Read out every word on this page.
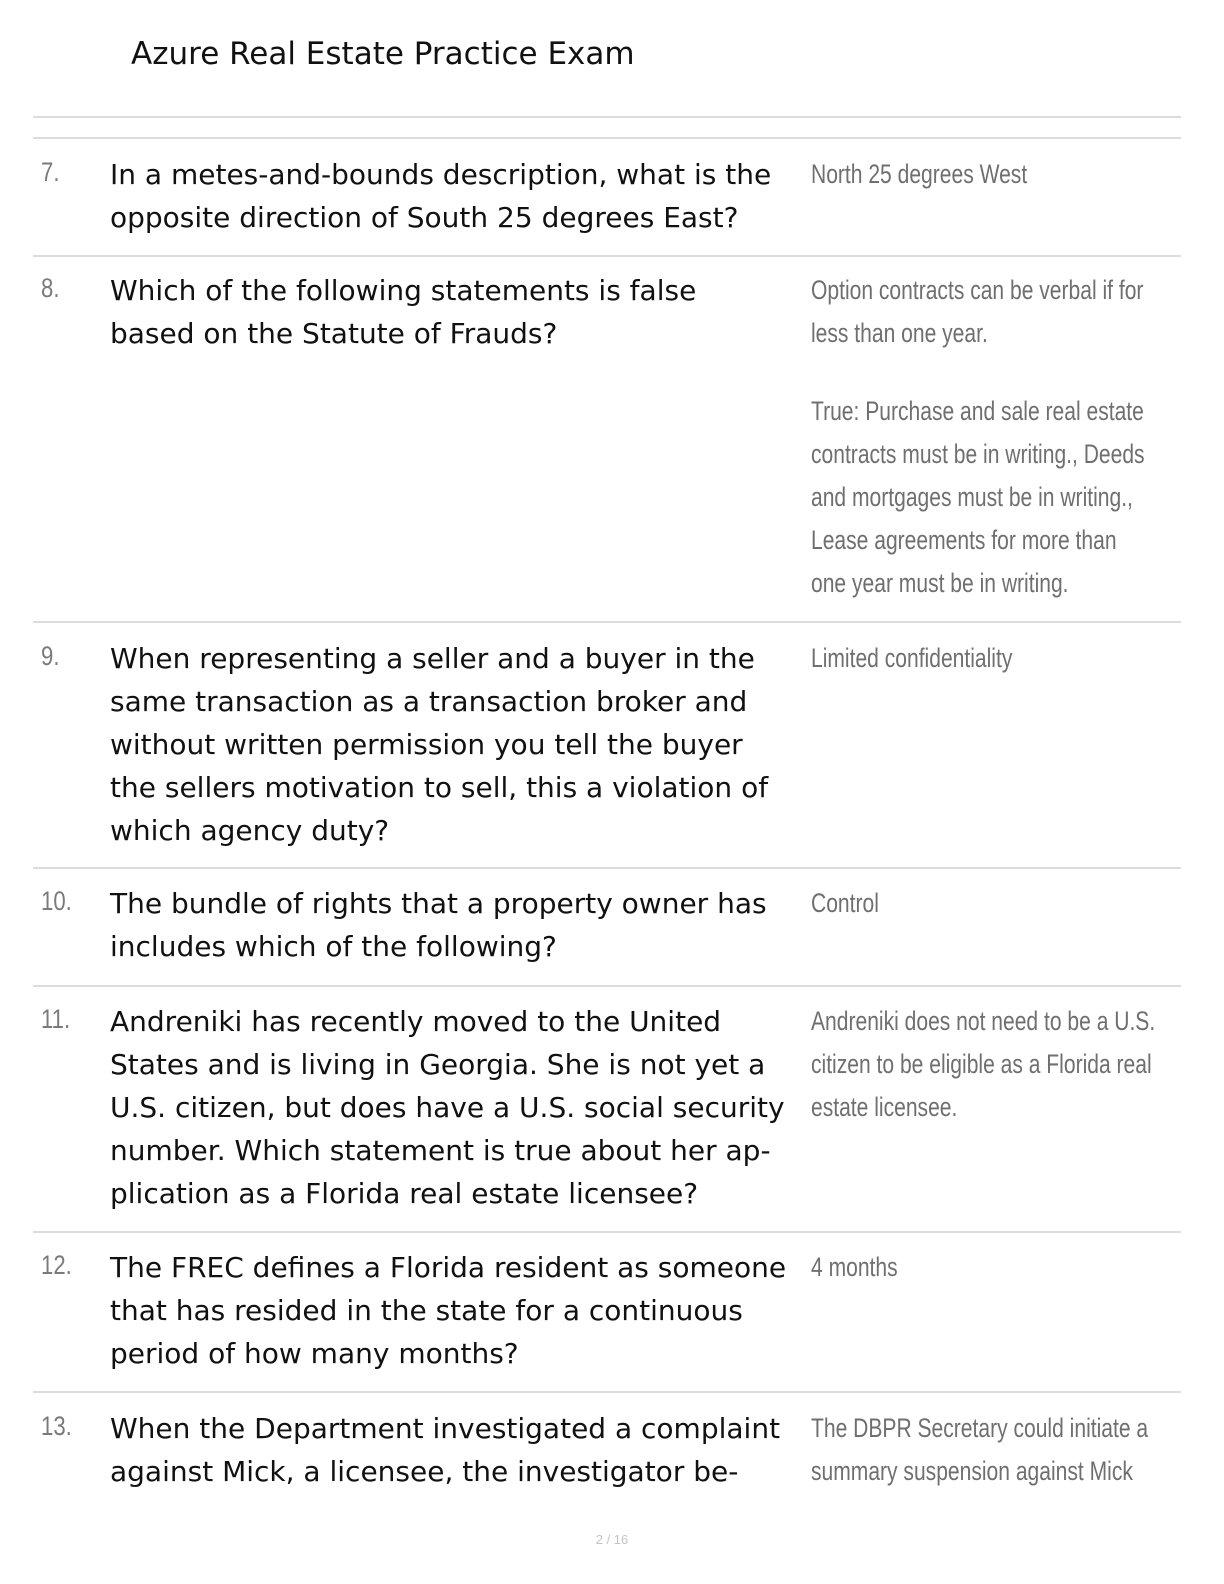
Azure Real Estate Practice Exam
7. In a metes-and-bounds description, what is the
opposite direction of South 25 degrees East?
North 25 degrees West
8. Which of the following statements is false
based on the Statute of Frauds?
Option contracts can be verbal if for
less than one year.
True: Purchase and sale real estate
contracts must be in writing., Deeds
and mortgages must be in writing.,
Lease agreements for more than
one year must be in writing.
9. When representing a seller and a buyer in the
same transaction as a transaction broker and
without written permission you tell the buyer
the sellers motivation to sell, this a violation of
which agency duty?
Limited confidentiality
10. The bundle of rights that a property owner has
includes which of the following?
Control
11. Andreniki has recently moved to the United
States and is living in Georgia. She is not yet a
U.S. citizen, but does have a U.S. social security
number. Which statement is true about her ap-
plication as a Florida real estate licensee?
Andreniki does not need to be a U.S.
citizen to be eligible as a Florida real
estate licensee.
12. The FREC defines a Florida resident as someone
that has resided in the state for a continuous
period of how many months?
4 months
13. When the Department investigated a complaint
against Mick, a licensee, the investigator be-
The DBPR Secretary could initiate a
summary suspension against Mick
2 / 16
